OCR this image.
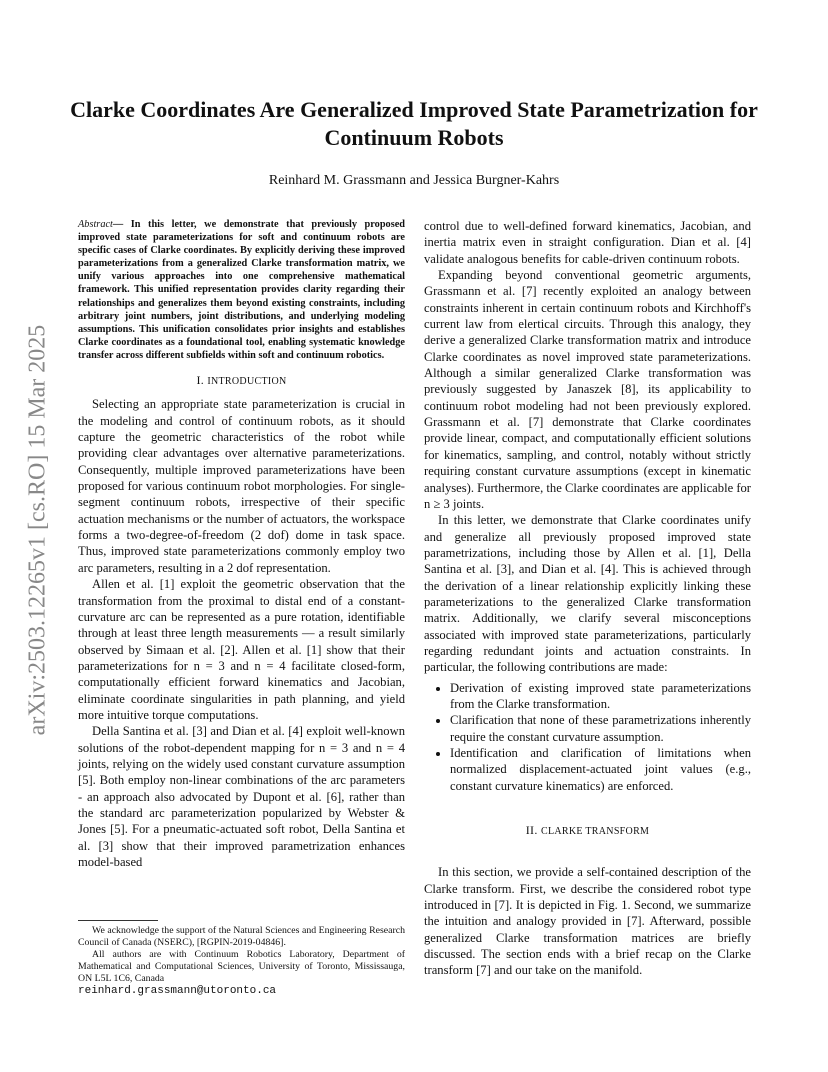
arXiv:2503.12265v1 [cs.RO] 15 Mar 2025
Clarke Coordinates Are Generalized Improved State Parametrization for Continuum Robots
Reinhard M. Grassmann and Jessica Burgner-Kahrs

Abstract— In this letter, we demonstrate that previously proposed improved state parameterizations for soft and continuum robots are specific cases of Clarke coordinates. By explicitly deriving these improved parameterizations from a generalized Clarke transformation matrix, we unify various approaches into one comprehensive mathematical framework. This unified representation provides clarity regarding their relationships and generalizes them beyond existing constraints, including arbitrary joint numbers, joint distributions, and underlying modeling assumptions. This unification consolidates prior insights and establishes Clarke coordinates as a foundational tool, enabling systematic knowledge transfer across different subfields within soft and continuum robotics.

I. INTRODUCTION

Selecting an appropriate state parameterization is crucial in the modeling and control of continuum robots, as it should capture the geometric characteristics of the robot while providing clear advantages over alternative parameterizations. Consequently, multiple improved parameterizations have been proposed for various continuum robot morphologies. For single-segment continuum robots, irrespective of their specific actuation mechanisms or the number of actuators, the workspace forms a two-degree-of-freedom (2 dof) dome in task space. Thus, improved state parameterizations commonly employ two arc parameters, resulting in a 2 dof representation.

Allen et al. [1] exploit the geometric observation that the transformation from the proximal to distal end of a constant-curvature arc can be represented as a pure rotation, identifiable through at least three length measurements — a result similarly observed by Simaan et al. [2]. Allen et al. [1] show that their parameterizations for n = 3 and n = 4 facilitate closed-form, computationally efficient forward kinematics and Jacobian, eliminate coordinate singularities in path planning, and yield more intuitive torque computations.

Della Santina et al. [3] and Dian et al. [4] exploit well-known solutions of the robot-dependent mapping for n = 3 and n = 4 joints, relying on the widely used constant curvature assumption [5]. Both employ non-linear combinations of the arc parameters - an approach also advocated by Dupont et al. [6], rather than the standard arc parameterization popularized by Webster & Jones [5]. For a pneumatic-actuated soft robot, Della Santina et al. [3] show that their improved parametrization enhances model-based

We acknowledge the support of the Natural Sciences and Engineering Research Council of Canada (NSERC), [RGPIN-2019-04846].

All authors are with Continuum Robotics Laboratory, Department of Mathematical and Computational Sciences, University of Toronto, Mississauga, ON L5L 1C6, Canada

reinhard.grassmann@utoronto.ca

control due to well-defined forward kinematics, Jacobian, and inertia matrix even in straight configuration. Dian et al. [4] validate analogous benefits for cable-driven continuum robots.

Expanding beyond conventional geometric arguments, Grassmann et al. [7] recently exploited an analogy between constraints inherent in certain continuum robots and Kirchhoff's current law from elertical circuits. Through this analogy, they derive a generalized Clarke transformation matrix and introduce Clarke coordinates as novel improved state parameterizations. Although a similar generalized Clarke transformation was previously suggested by Janaszek [8], its applicability to continuum robot modeling had not been previously explored. Grassmann et al. [7] demonstrate that Clarke coordinates provide linear, compact, and computationally efficient solutions for kinematics, sampling, and control, notably without strictly requiring constant curvature assumptions (except in kinematic analyses). Furthermore, the Clarke coordinates are applicable for n ≥ 3 joints.

In this letter, we demonstrate that Clarke coordinates unify and generalize all previously proposed improved state parametrizations, including those by Allen et al. [1], Della Santina et al. [3], and Dian et al. [4]. This is achieved through the derivation of a linear relationship explicitly linking these parameterizations to the generalized Clarke transformation matrix. Additionally, we clarify several misconceptions associated with improved state parameterizations, particularly regarding redundant joints and actuation constraints. In particular, the following contributions are made:

• Derivation of existing improved state parameterizations from the Clarke transformation.
• Clarification that none of these parametrizations inherently require the constant curvature assumption.
• Identification and clarification of limitations when normalized displacement-actuated joint values (e.g., constant curvature kinematics) are enforced.
II. CLARKE TRANSFORM

In this section, we provide a self-contained description of the Clarke transform. First, we describe the considered robot type introduced in [7]. It is depicted in Fig. 1. Second, we summarize the intuition and analogy provided in [7]. Afterward, possible generalized Clarke transformation matrices are briefly discussed. The section ends with a brief recap on the Clarke transform [7] and our take on the manifold.
